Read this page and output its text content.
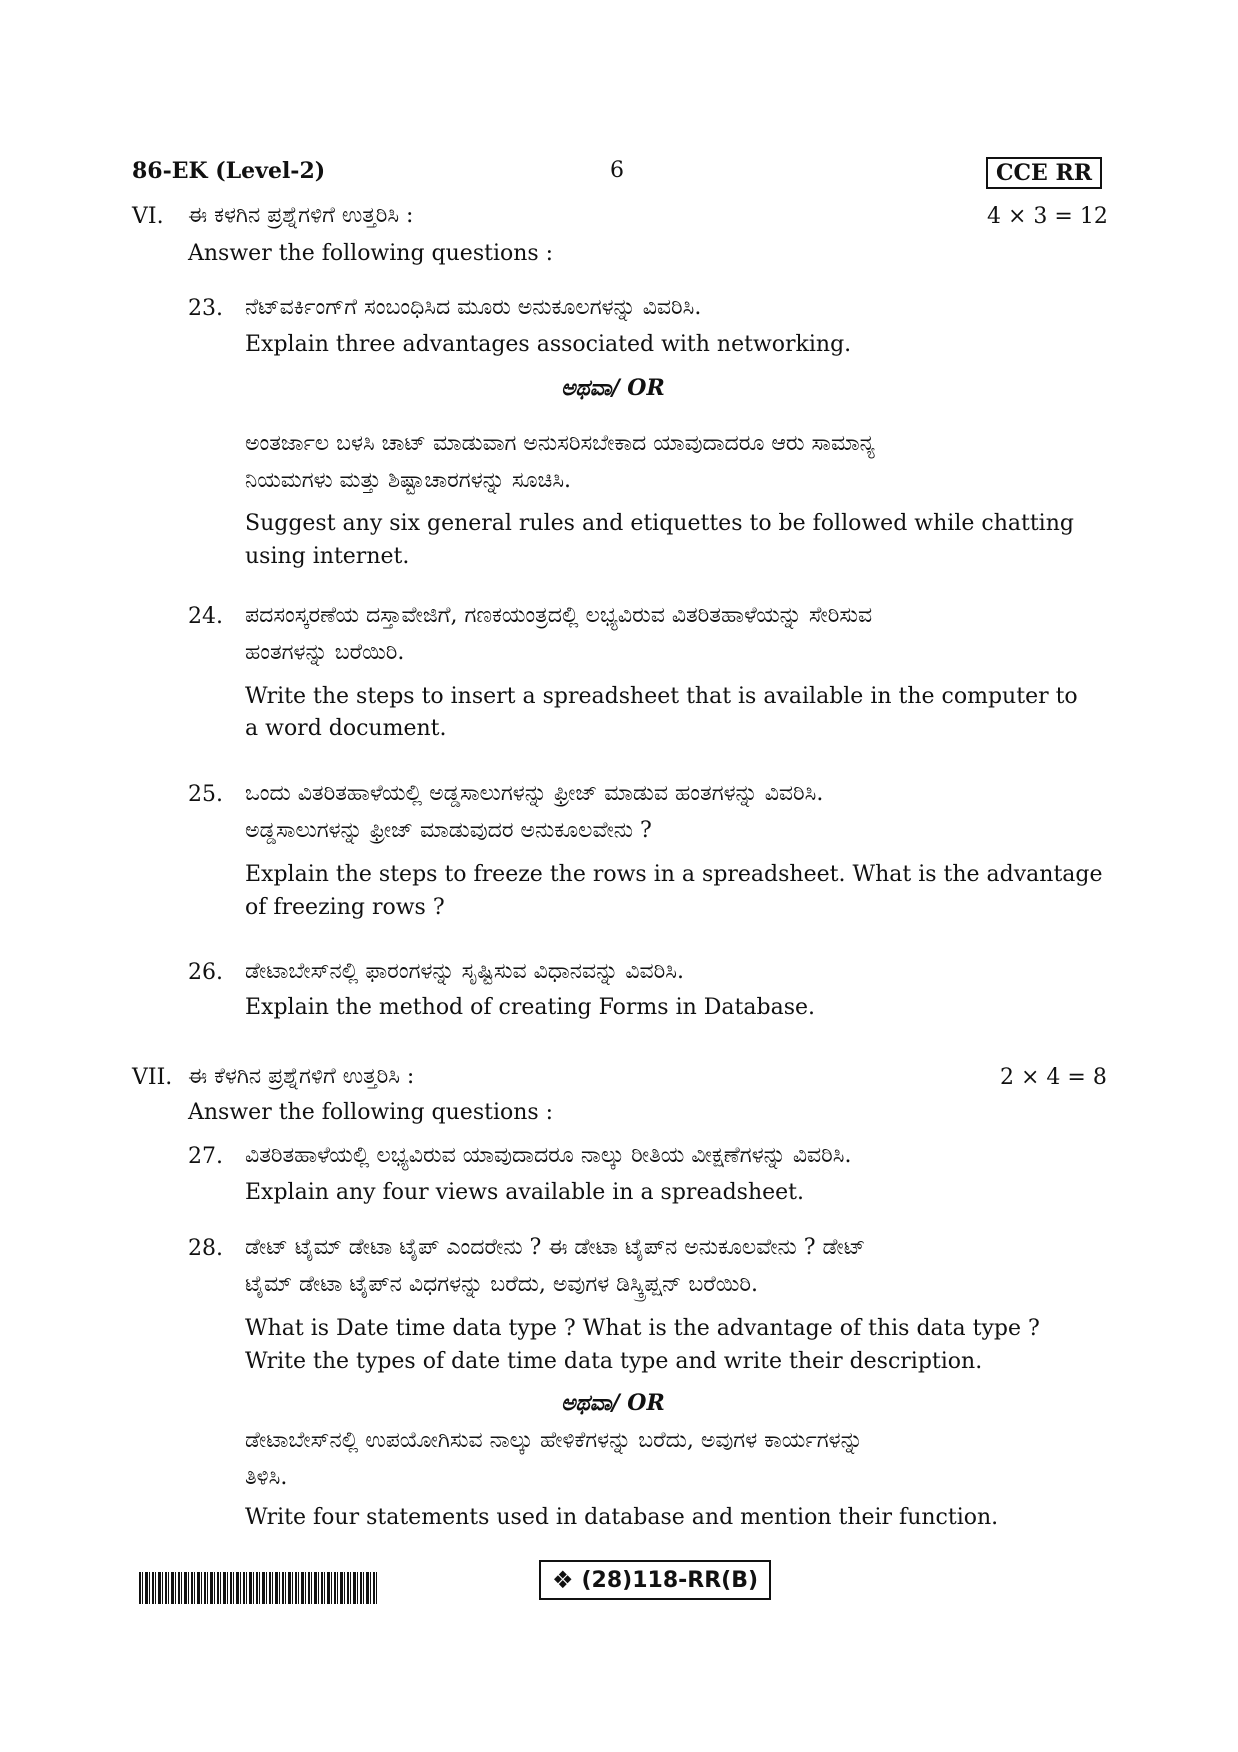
86-EK (Level-2)	6	CCE RR
VI. ಈ ಕಳಗಿನ ಪ್ರಶ್ನೆಗಳಿಗೆ ಉತ್ತರಿಸಿ :	4 × 3 = 12
Answer the following questions :
23. ನೆಟ್‌ವರ್ಕಿಂಗ್‌ಗೆ ಸಂಬಂಧಿಸಿದ ಮೂರು ಅನುಕೂಲಗಳನ್ನು ವಿವರಿಸಿ.
Explain three advantages associated with networking.
ಅಥವಾ/ OR
ಅಂತರ್ಜಾಲ ಬಳಸಿ ಚಾಟ್ ಮಾಡುವಾಗ ಅನುಸರಿಸಬೇಕಾದ ಯಾವುದಾದರೂ ಆರು ಸಾಮಾನ್ಯ
ನಿಯಮಗಳು ಮತ್ತು ಶಿಷ್ಟಾಚಾರಗಳನ್ನು ಸೂಚಿಸಿ.
Suggest any six general rules and etiquettes to be followed while chatting
using internet.
24. ಪದಸಂಸ್ಕರಣೆಯ ದಸ್ತಾವೇಜಿಗೆ, ಗಣಕಯಂತ್ರದಲ್ಲಿ ಲಭ್ಯವಿರುವ ವಿತರಿತಹಾಳೆಯನ್ನು ಸೇರಿಸುವ
ಹಂತಗಳನ್ನು ಬರೆಯಿರಿ.
Write the steps to insert a spreadsheet that is available in the computer to
a word document.
25. ಒಂದು ವಿತರಿತಹಾಳೆಯಲ್ಲಿ ಅಡ್ಡಸಾಲುಗಳನ್ನು ಫ್ರೀಜ್ ಮಾಡುವ ಹಂತಗಳನ್ನು ವಿವರಿಸಿ.
ಅಡ್ಡಸಾಲುಗಳನ್ನು ಫ್ರೀಜ್ ಮಾಡುವುದರ ಅನುಕೂಲವೇನು ?
Explain the steps to freeze the rows in a spreadsheet. What is the advantage
of freezing rows ?
26. ಡೇಟಾಬೇಸ್‌ನಲ್ಲಿ ಫಾರಂಗಳನ್ನು ಸೃಷ್ಟಿಸುವ ವಿಧಾನವನ್ನು ವಿವರಿಸಿ.
Explain the method of creating Forms in Database.
VII. ಈ ಕೆಳಗಿನ ಪ್ರಶ್ನೆಗಳಿಗೆ ಉತ್ತರಿಸಿ :	2 × 4 = 8
Answer the following questions :
27. ವಿತರಿತಹಾಳೆಯಲ್ಲಿ ಲಭ್ಯವಿರುವ ಯಾವುದಾದರೂ ನಾಲ್ಕು ರೀತಿಯ ವೀಕ್ಷಣೆಗಳನ್ನು ವಿವರಿಸಿ.
Explain any four views available in a spreadsheet.
28. ಡೇಟ್ ಟೈಮ್ ಡೇಟಾ ಟೈಪ್ ಎಂದರೇನು ? ಈ ಡೇಟಾ ಟೈಪ್‌ನ ಅನುಕೂಲವೇನು ? ಡೇಟ್
ಟೈಮ್ ಡೇಟಾ ಟೈಪ್‌ನ ವಿಧಗಳನ್ನು ಬರೆದು, ಅವುಗಳ ಡಿಸ್ಕ್ರಿಪ್ಷನ್ ಬರೆಯಿರಿ.
What is Date time data type ? What is the advantage of this data type ?
Write the types of date time data type and write their description.
ಅಥವಾ/ OR
ಡೇಟಾಬೇಸ್‌ನಲ್ಲಿ ಉಪಯೋಗಿಸುವ ನಾಲ್ಕು ಹೇಳಿಕೆಗಳನ್ನು ಬರೆದು, ಅವುಗಳ ಕಾರ್ಯಗಳನ್ನು
ತಿಳಿಸಿ.
Write four statements used in database and mention their function.
❖ (28)118-RR(B)
